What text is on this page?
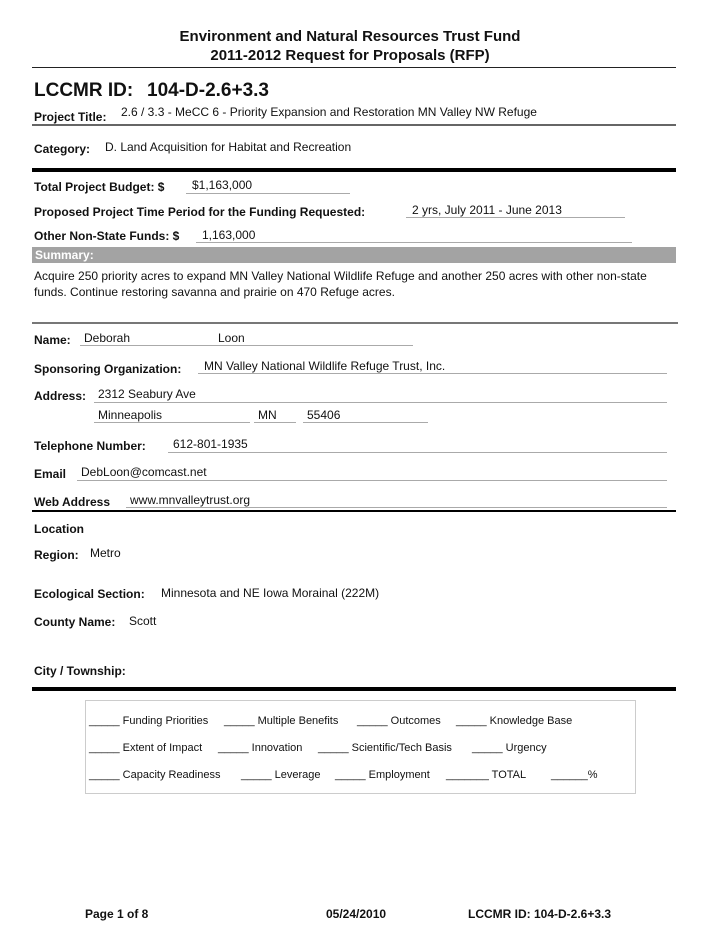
Environment and Natural Resources Trust Fund
2011-2012 Request for Proposals (RFP)
LCCMR ID: 104-D-2.6+3.3
Project Title: 2.6 / 3.3 - MeCC 6 - Priority Expansion and Restoration MN Valley NW Refuge
Category: D. Land Acquisition for Habitat and Recreation
Total Project Budget: $ $1,163,000
Proposed Project Time Period for the Funding Requested:	2 yrs, July 2011 - June 2013
Other Non-State Funds: $ 1,163,000
Summary:
Acquire 250 priority acres to expand MN Valley National Wildlife Refuge and another 250 acres with other non-state funds. Continue restoring savanna and prairie on 470 Refuge acres.
Name: Deborah	Loon
Sponsoring Organization: MN Valley National Wildlife Refuge Trust, Inc.
Address: 2312 Seabury Ave
Minneapolis	MN	55406
Telephone Number: 612-801-1935
Email DebLoon@comcast.net
Web Address www.mnvalleytrust.org
Location
Region: Metro
Ecological Section: Minnesota and NE Iowa Morainal (222M)
County Name: Scott
City / Township:
_____ Funding Priorities _____ Multiple Benefits _____ Outcomes _____ Knowledge Base
_____ Extent of Impact _____ Innovation _____ Scientific/Tech Basis _____ Urgency
_____ Capacity Readiness _____ Leverage _____ Employment _______ TOTAL ______%
Page 1 of 8	05/24/2010	LCCMR ID: 104-D-2.6+3.3
